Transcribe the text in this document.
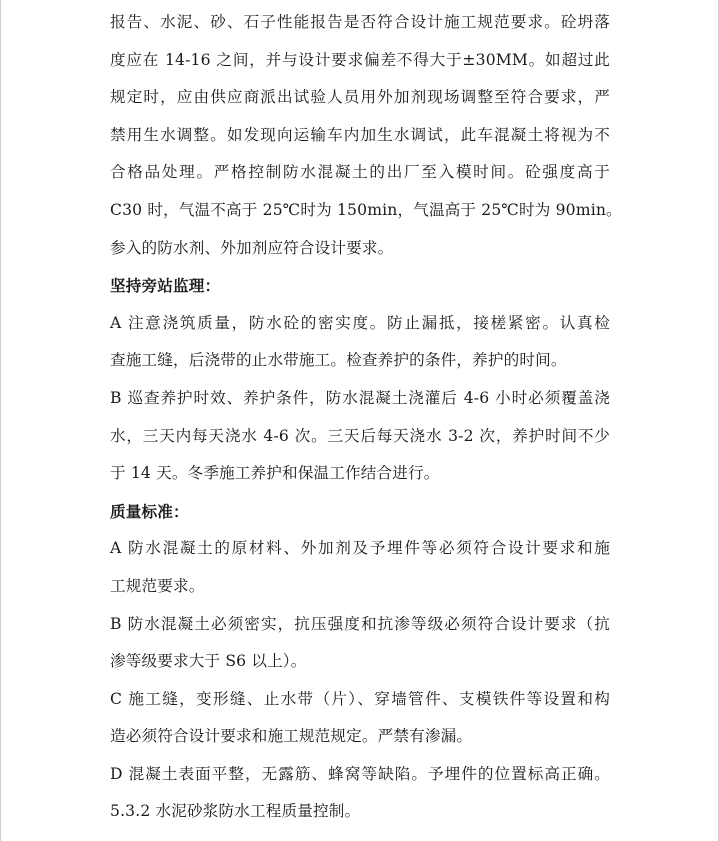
报告、水泥、砂、石子性能报告是否符合设计施工规范要求。砼坍落
度应在 14-16 之间，并与设计要求偏差不得大于±30MM。如超过此
规定时，应由供应商派出试验人员用外加剂现场调整至符合要求，严
禁用生水调整。如发现向运输车内加生水调试，此车混凝土将视为不
合格品处理。严格控制防水混凝土的出厂至入模时间。砼强度高于
C30 时，气温不高于 25℃时为 150min，气温高于 25℃时为 90min。
参入的防水剂、外加剂应符合设计要求。
坚持旁站监理：
A 注意浇筑质量，防水砼的密实度。防止漏抵，接槎紧密。认真检
查施工缝，后浇带的止水带施工。检查养护的条件，养护的时间。
B 巡查养护时效、养护条件，防水混凝土浇灌后 4-6 小时必须覆盖浇
水，三天内每天浇水 4-6 次。三天后每天浇水 3-2 次，养护时间不少
于 14 天。冬季施工养护和保温工作结合进行。
质量标准：
A 防水混凝土的原材料、外加剂及予埋件等必须符合设计要求和施
工规范要求。
B 防水混凝土必须密实，抗压强度和抗渗等级必须符合设计要求（抗
渗等级要求大于 S6 以上）。
C 施工缝，变形缝、止水带（片）、穿墙管件、支模铁件等设置和构
造必须符合设计要求和施工规范规定。严禁有渗漏。
D 混凝土表面平整，无露筋、蜂窝等缺陷。予埋件的位置标高正确。
5.3.2 水泥砂浆防水工程质量控制。
